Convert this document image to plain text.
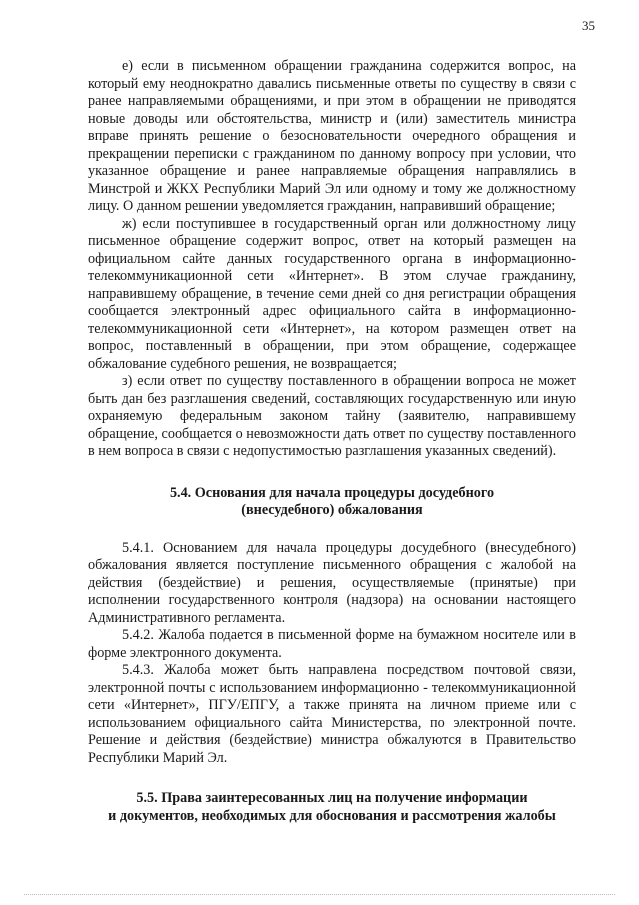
35

е) если в письменном обращении гражданина содержится вопрос, на который ему неоднократно давались письменные ответы по существу в связи с ранее направляемыми обращениями, и при этом в обращении не приводятся новые доводы или обстоятельства, министр и (или) заместитель министра вправе принять решение о безосновательности очередного обращения и прекращении переписки с гражданином по данному вопросу при условии, что указанное обращение и ранее направляемые обращения направлялись в Минстрой и ЖКХ Республики Марий Эл или одному и тому же должностному лицу. О данном решении уведомляется гражданин, направивший обращение;

ж) если поступившее в государственный орган или должностному лицу письменное обращение содержит вопрос, ответ на который размещен на официальном сайте данных государственного органа в информационно-телекоммуникационной сети «Интернет». В этом случае гражданину, направившему обращение, в течение семи дней со дня регистрации обращения сообщается электронный адрес официального сайта в информационно-телекоммуникационной сети «Интернет», на котором размещен ответ на вопрос, поставленный в обращении, при этом обращение, содержащее обжалование судебного решения, не возвращается;

з) если ответ по существу поставленного в обращении вопроса не может быть дан без разглашения сведений, составляющих государственную или иную охраняемую федеральным законом тайну (заявителю, направившему обращение, сообщается о невозможности дать ответ по существу поставленного в нем вопроса в связи с недопустимостью разглашения указанных сведений).

5.4. Основания для начала процедуры досудебного
(внесудебного) обжалования

5.4.1. Основанием для начала процедуры досудебного (внесудебного) обжалования является поступление письменного обращения с жалобой на действия (бездействие) и решения, осуществляемые (принятые) при исполнении государственного контроля (надзора) на основании настоящего Административного регламента.

5.4.2. Жалоба подается в письменной форме на бумажном носителе или в форме электронного документа.

5.4.3. Жалоба может быть направлена посредством почтовой связи, электронной почты с использованием информационно - телекоммуникационной сети «Интернет», ПГУ/ЕПГУ, а также принята на личном приеме или с использованием официального сайта Министерства, по электронной почте. Решение и действия (бездействие) министра обжалуются в Правительство Республики Марий Эл.

5.5. Права заинтересованных лиц на получение информации
и документов, необходимых для обоснования и рассмотрения жалобы
